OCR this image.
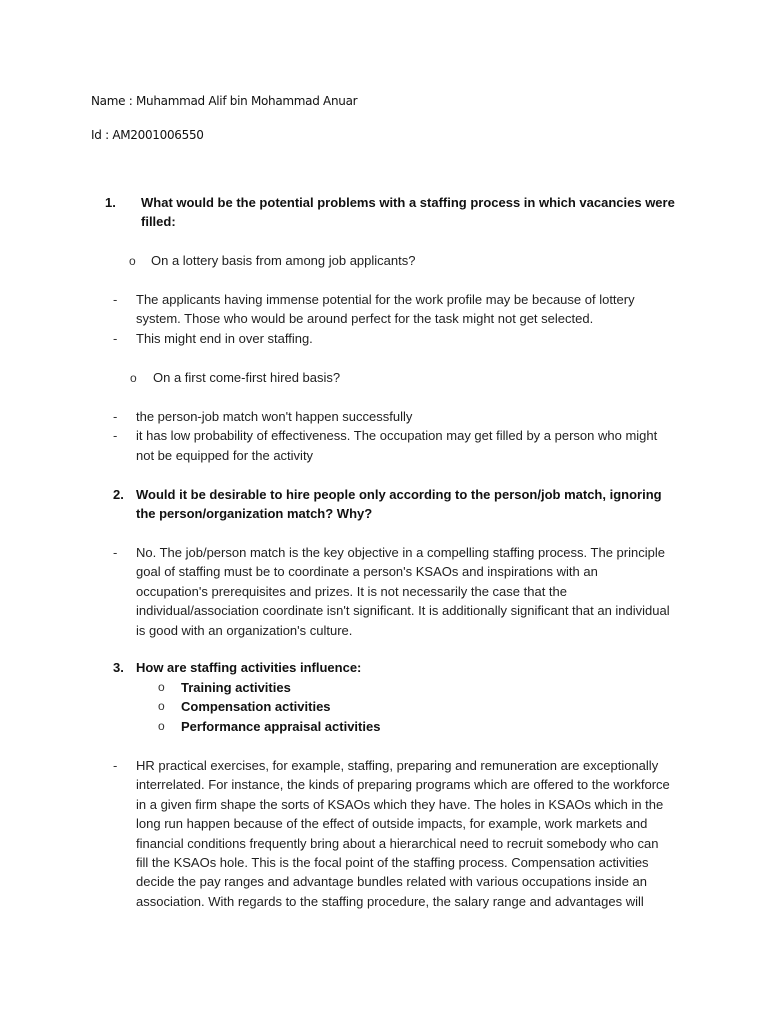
Name : Muhammad Alif bin Mohammad Anuar
Id : AM2001006550
1. What would be the potential problems with a staffing process in which vacancies were
filled:
o On a lottery basis from among job applicants?
- The applicants having immense potential for the work profile may be because of lottery
system. Those who would be around perfect for the task might not get selected.
- This might end in over staffing.
o On a first come-first hired basis?
- the person-job match won't happen successfully
- it has low probability of effectiveness. The occupation may get filled by a person who might
not be equipped for the activity
2. Would it be desirable to hire people only according to the person/job match, ignoring
the person/organization match? Why?
- No. The job/person match is the key objective in a compelling staffing process. The principle
goal of staffing must be to coordinate a person's KSAOs and inspirations with an
occupation's prerequisites and prizes. It is not necessarily the case that the
individual/association coordinate isn't significant. It is additionally significant that an individual
is good with an organization's culture.
3. How are staffing activities influence:
o Training activities
o Compensation activities
o Performance appraisal activities
- HR practical exercises, for example, staffing, preparing and remuneration are exceptionally
interrelated. For instance, the kinds of preparing programs which are offered to the workforce
in a given firm shape the sorts of KSAOs which they have. The holes in KSAOs which in the
long run happen because of the effect of outside impacts, for example, work markets and
financial conditions frequently bring about a hierarchical need to recruit somebody who can
fill the KSAOs hole. This is the focal point of the staffing process. Compensation activities
decide the pay ranges and advantage bundles related with various occupations inside an
association. With regards to the staffing procedure, the salary range and advantages will
